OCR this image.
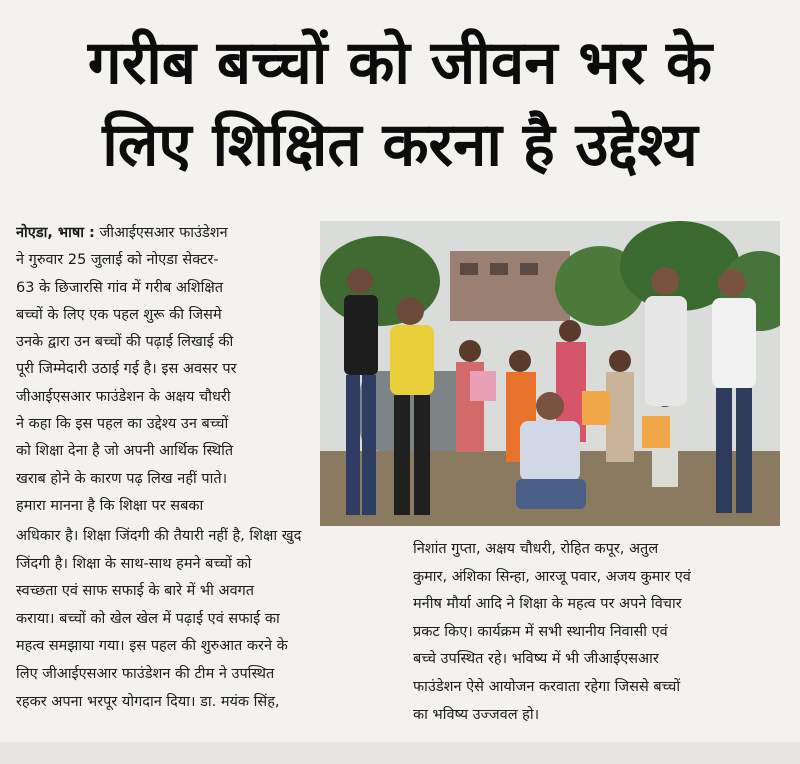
गरीब बच्चों को जीवन भर के
लिए शिक्षित करना है उद्देश्य
नोएडा, भाषा : जीआईएसआर फाउंडेशन
ने गुरुवार 25 जुलाई को नोएडा सेक्टर-
63 के छिजारसि गांव में गरीब अशिक्षित
बच्चों के लिए एक पहल शुरू की जिसमे
उनके द्वारा उन बच्चों की पढ़ाई लिखाई की
पूरी जिम्मेदारी उठाई गई है। इस अवसर पर
जीआईएसआर फाउंडेशन के अक्षय चौधरी
ने कहा कि इस पहल का उद्देश्य उन बच्चों
को शिक्षा देना है जो अपनी आर्थिक स्थिति
खराब होने के कारण पढ़ लिख नहीं पाते।
हमारा मानना है कि शिक्षा पर सबका
अधिकार है। शिक्षा जिंदगी की तैयारी नहीं है, शिक्षा खुद
जिंदगी है। शिक्षा के साथ-साथ हमने बच्चों को
स्वच्छता एवं साफ सफाई के बारे में भी अवगत
कराया। बच्चों को खेल खेल में पढ़ाई एवं सफाई का
महत्व समझाया गया। इस पहल की शुरुआत करने के
लिए जीआईएसआर फाउंडेशन की टीम ने उपस्थित
रहकर अपना भरपूर योगदान दिया। डा. मयंक सिंह,
निशांत गुप्ता, अक्षय चौधरी, रोहित कपूर, अतुल
कुमार, अंशिका सिन्हा, आरजू पवार, अजय कुमार एवं
मनीष मौर्या आदि ने शिक्षा के महत्व पर अपने विचार
प्रकट किए। कार्यक्रम में सभी स्थानीय निवासी एवं
बच्चे उपस्थित रहे। भविष्य में भी जीआईएसआर
फाउंडेशन ऐसे आयोजन करवाता रहेगा जिससे बच्चों
का भविष्य उज्जवल हो।
